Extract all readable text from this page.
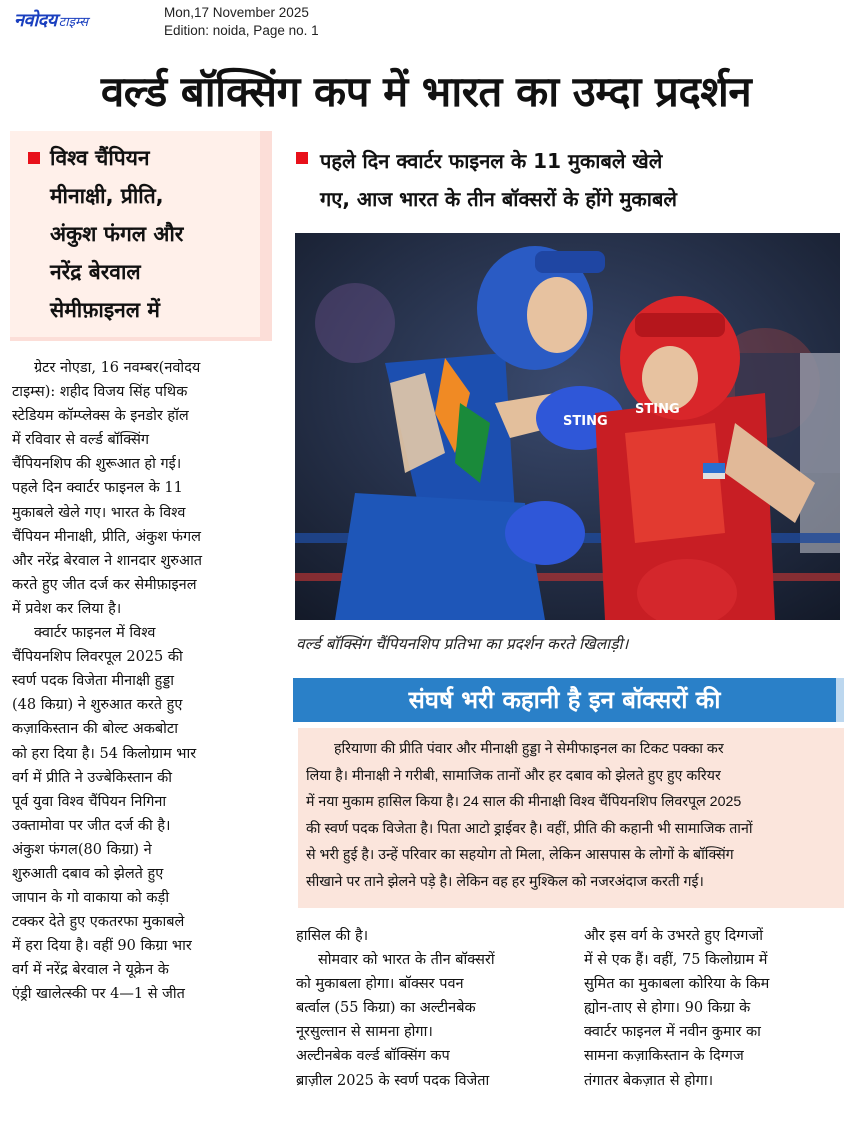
नवोदय टाइम्स
Mon,17 November 2025
Edition: noida, Page no. 1
वर्ल्ड बॉक्सिंग कप में भारत का उम्दा प्रदर्शन
विश्व चैंपियन
मीनाक्षी, प्रीति,
अंकुश फंगल और
नरेंद्र बेरवाल
सेमीफ़ाइनल में
पहले दिन क्वार्टर फाइनल के 11 मुकाबले खेले
गए, आज भारत के तीन बॉक्सरों के होंगे मुकाबले
STING
STING
वर्ल्ड बॉक्सिंग चैंपियनशिप प्रतिभा का प्रदर्शन करते खिलाड़ी।
संघर्ष भरी कहानी है इन बॉक्सरों की
हरियाणा की प्रीति पंवार और मीनाक्षी हुड्डा ने सेमीफाइनल का टिकट पक्का कर
लिया है। मीनाक्षी ने गरीबी, सामाजिक तानों और हर दबाव को झेलते हुए हुए करियर
में नया मुकाम हासिल किया है। 24 साल की मीनाक्षी विश्व चैंपियनशिप लिवरपूल 2025
की स्वर्ण पदक विजेता है। पिता आटो ड्राईवर है। वहीं, प्रीति की कहानी भी सामाजिक तानों
से भरी हुई है। उन्हें परिवार का सहयोग तो मिला, लेकिन आसपास के लोगों के बॉक्सिंग
सीखाने पर ताने झेलने पड़े है। लेकिन वह हर मुश्किल को नजरअंदाज करती गई।
ग्रेटर नोएडा, 16 नवम्बर(नवोदय
टाइम्स): शहीद विजय सिंह पथिक
स्टेडियम कॉम्प्लेक्स के इनडोर हॉल
में रविवार से वर्ल्ड बॉक्सिंग
चैंपियनशिप की शुरूआत हो गई।
पहले दिन क्वार्टर फाइनल के 11
मुकाबले खेले गए। भारत के विश्व
चैंपियन मीनाक्षी, प्रीति, अंकुश फंगल
और नरेंद्र बेरवाल ने शानदार शुरुआत
करते हुए जीत दर्ज कर सेमीफ़ाइनल
में प्रवेश कर लिया है।
क्वार्टर फाइनल में विश्व
चैंपियनशिप लिवरपूल 2025 की
स्वर्ण पदक विजेता मीनाक्षी हुड्डा
(48 किग्रा) ने शुरुआत करते हुए
कज़ाकिस्तान की बोल्ट अकबोटा
को हरा दिया है। 54 किलोग्राम भार
वर्ग में प्रीति ने उज्बेकिस्तान की
पूर्व युवा विश्व चैंपियन निगिना
उक्तामोवा पर जीत दर्ज की है।
अंकुश फंगल(80 किग्रा) ने
शुरुआती दबाव को झेलते हुए
जापान के गो वाकाया को कड़ी
टक्कर देते हुए एकतरफा मुकाबले
में हरा दिया है। वहीं 90 किग्रा भार
वर्ग में नरेंद्र बेरवाल ने यूक्रेन के
एंड्री खालेत्स्की पर 4—1 से जीत
हासिल की है।
सोमवार को भारत के तीन बॉक्सरों
को मुकाबला होगा। बॉक्सर पवन
बर्त्वाल (55 किग्रा) का अल्टीनबेक
नूरसुल्तान से सामना होगा।
अल्टीनबेक वर्ल्ड बॉक्सिंग कप
ब्राज़ील 2025 के स्वर्ण पदक विजेता
और इस वर्ग के उभरते हुए दिग्गजों
में से एक हैं। वहीं, 75 किलोग्राम में
सुमित का मुकाबला कोरिया के किम
ह्योन-ताए से होगा। 90 किग्रा के
क्वार्टर फाइनल में नवीन कुमार का
सामना कज़ाकिस्तान के दिग्गज
तंगातर बेकज़ात से होगा।
